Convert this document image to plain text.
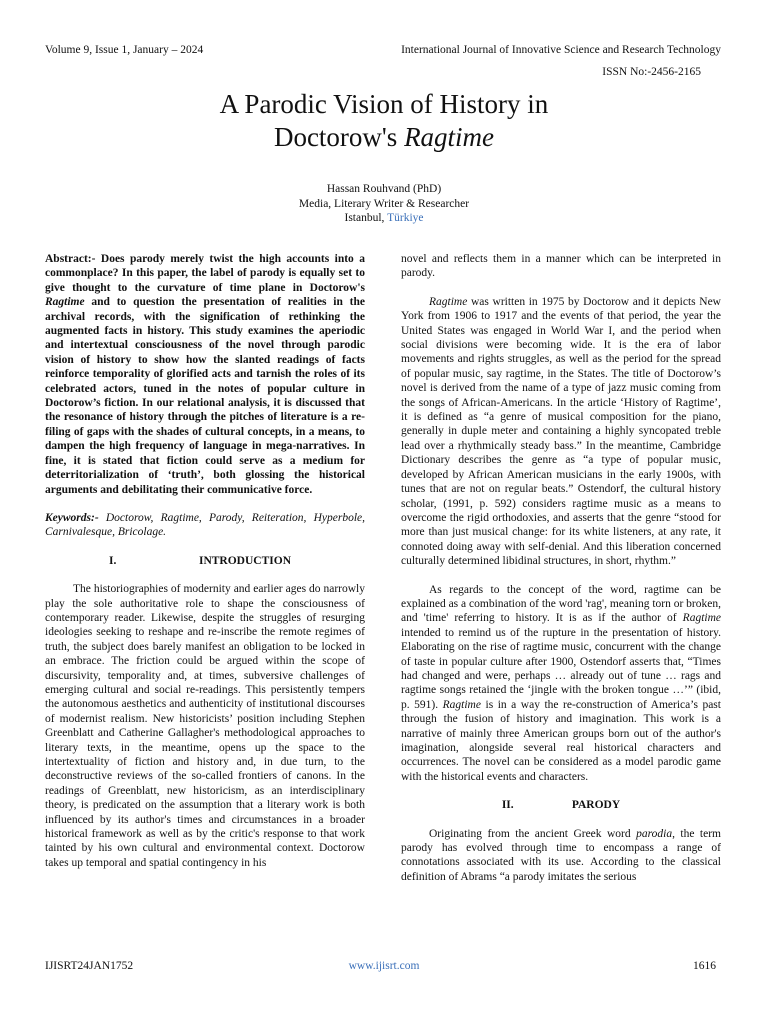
Volume 9, Issue 1, January – 2024	International Journal of Innovative Science and Research Technology
ISSN No:-2456-2165
A Parodic Vision of History in
Doctorow's Ragtime
Hassan Rouhvand (PhD)
Media, Literary Writer & Researcher
Istanbul, Türkiye

Abstract:- Does parody merely twist the high accounts into a commonplace? In this paper, the label of parody is equally set to give thought to the curvature of time plane in Doctorow's Ragtime and to question the presentation of realities in the archival records, with the signification of rethinking the augmented facts in history. This study examines the aperiodic and intertextual consciousness of the novel through parodic vision of history to show how the slanted readings of facts reinforce temporality of glorified acts and tarnish the roles of its celebrated actors, tuned in the notes of popular culture in Doctorow’s fiction. In our relational analysis, it is discussed that the resonance of history through the pitches of literature is a re-filing of gaps with the shades of cultural concepts, in a means, to dampen the high frequency of language in mega-narratives. In fine, it is stated that fiction could serve as a medium for deterritorialization of ‘truth’, both glossing the historical arguments and debilitating their communicative force.

Keywords:- Doctorow, Ragtime, Parody, Reiteration, Hyperbole, Carnivalesque, Bricolage.

I.	INTRODUCTION

The historiographies of modernity and earlier ages do narrowly play the sole authoritative role to shape the consciousness of contemporary reader. Likewise, despite the struggles of resurging ideologies seeking to reshape and re-inscribe the remote regimes of truth, the subject does barely manifest an obligation to be locked in an embrace. The friction could be argued within the scope of discursivity, temporality and, at times, subversive challenges of emerging cultural and social re-readings. This persistently tempers the autonomous aesthetics and authenticity of institutional discourses of modernist realism. New historicists’ position including Stephen Greenblatt and Catherine Gallagher's methodological approaches to literary texts, in the meantime, opens up the space to the intertextuality of fiction and history and, in due turn, to the deconstructive reviews of the so-called frontiers of canons. In the readings of Greenblatt, new historicism, as an interdisciplinary theory, is predicated on the assumption that a literary work is both influenced by its author's times and circumstances in a broader historical framework as well as by the critic's response to that work tainted by his own cultural and environmental context. Doctorow takes up temporal and spatial contingency in his

novel and reflects them in a manner which can be interpreted in parody.

Ragtime was written in 1975 by Doctorow and it depicts New York from 1906 to 1917 and the events of that period, the year the United States was engaged in World War I, and the period when social divisions were becoming wide. It is the era of labor movements and rights struggles, as well as the period for the spread of popular music, say ragtime, in the States. The title of Doctorow’s novel is derived from the name of a type of jazz music coming from the songs of African-Americans. In the article ‘History of Ragtime’, it is defined as “a genre of musical composition for the piano, generally in duple meter and containing a highly syncopated treble lead over a rhythmically steady bass.” In the meantime, Cambridge Dictionary describes the genre as “a type of popular music, developed by African American musicians in the early 1900s, with tunes that are not on regular beats.” Ostendorf, the cultural history scholar, (1991, p. 592) considers ragtime music as a means to overcome the rigid orthodoxies, and asserts that the genre “stood for more than just musical change: for its white listeners, at any rate, it connoted doing away with self-denial. And this liberation concerned culturally determined libidinal structures, in short, rhythm.”

As regards to the concept of the word, ragtime can be explained as a combination of the word 'rag', meaning torn or broken, and 'time' referring to history. It is as if the author of Ragtime intended to remind us of the rupture in the presentation of history. Elaborating on the rise of ragtime music, concurrent with the change of taste in popular culture after 1900, Ostendorf asserts that, “Times had changed and were, perhaps … already out of tune … rags and ragtime songs retained the ‘jingle with the broken tongue …’” (ibid, p. 591). Ragtime is in a way the re-construction of America’s past through the fusion of history and imagination. This work is a narrative of mainly three American groups born out of the author's imagination, alongside several real historical characters and occurrences. The novel can be considered as a model parodic game with the historical events and characters.

II.	PARODY

Originating from the ancient Greek word parodia, the term parody has evolved through time to encompass a range of connotations associated with its use. According to the classical definition of Abrams “a parody imitates the serious

IJISRT24JAN1752	www.ijisrt.com	1616
